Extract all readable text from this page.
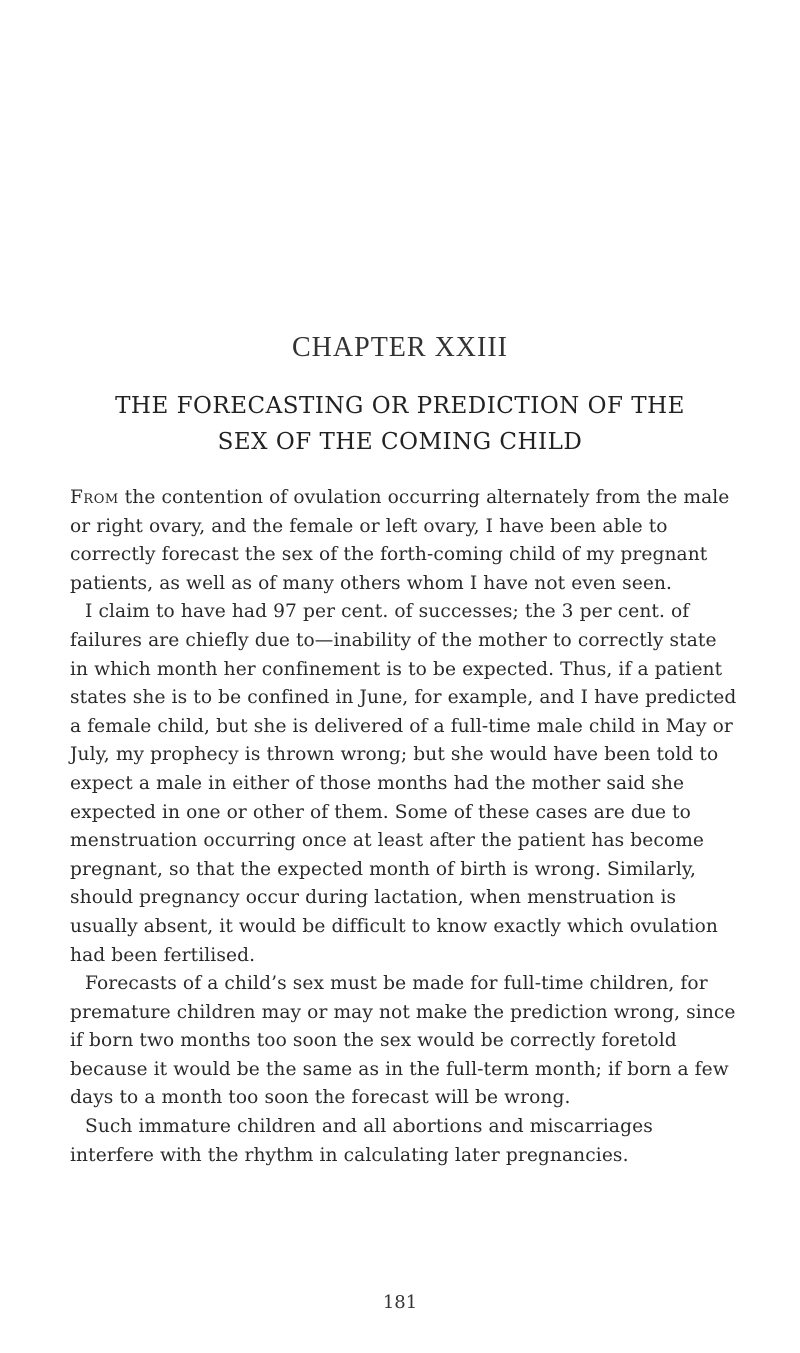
CHAPTER XXIII
THE FORECASTING OR PREDICTION OF THE
SEX OF THE COMING CHILD

From the contention of ovulation occurring alternately from the male or right ovary, and the female or left ovary, I have been able to correctly forecast the sex of the forth-coming child of my pregnant patients, as well as of many others whom I have not even seen.

I claim to have had 97 per cent. of successes; the 3 per cent. of failures are chiefly due to—inability of the mother to correctly state in which month her confinement is to be expected. Thus, if a patient states she is to be confined in June, for example, and I have predicted a female child, but she is delivered of a full-time male child in May or July, my prophecy is thrown wrong; but she would have been told to expect a male in either of those months had the mother said she expected in one or other of them. Some of these cases are due to menstruation occurring once at least after the patient has become pregnant, so that the expected month of birth is wrong. Similarly, should pregnancy occur during lactation, when menstruation is usually absent, it would be difficult to know exactly which ovulation had been fertilised.

Forecasts of a child’s sex must be made for full-time children, for premature children may or may not make the prediction wrong, since if born two months too soon the sex would be correctly foretold because it would be the same as in the full-term month; if born a few days to a month too soon the forecast will be wrong.

Such immature children and all abortions and miscarriages interfere with the rhythm in calculating later pregnancies.

181
